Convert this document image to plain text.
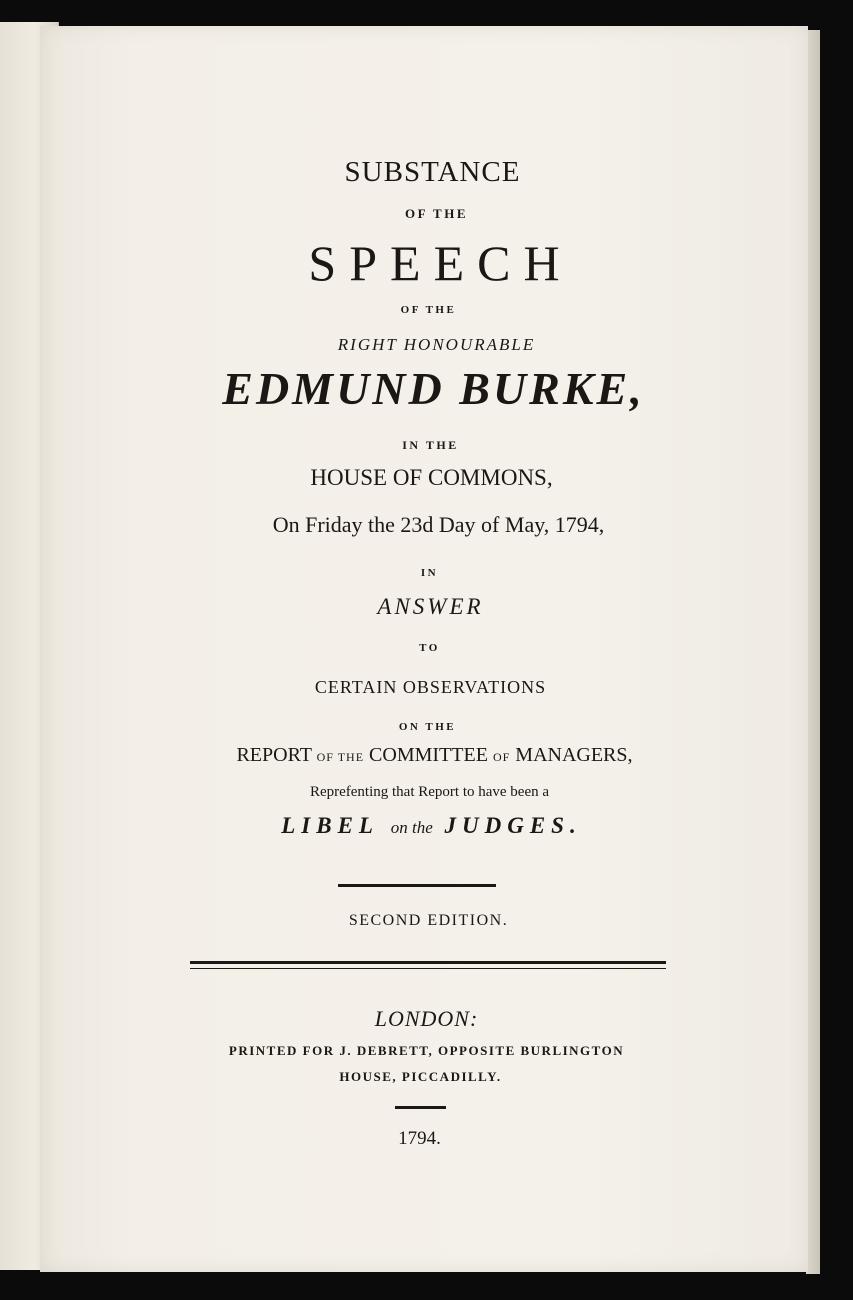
SUBSTANCE
OF THE
SPEECH
OF THE
RIGHT HONOURABLE
EDMUND BURKE,
IN THE
HOUSE OF COMMONS,
On Friday the 23d Day of May, 1794,
IN
ANSWER
TO
CERTAIN OBSERVATIONS
ON THE
REPORT OF THE COMMITTEE OF MANAGERS,
Reprefenting that Report to have been a
LIBEL on the JUDGES.
SECOND EDITION.
LONDON:
PRINTED FOR J. DEBRETT, OPPOSITE BURLINGTON
HOUSE, PICCADILLY.
1794.
